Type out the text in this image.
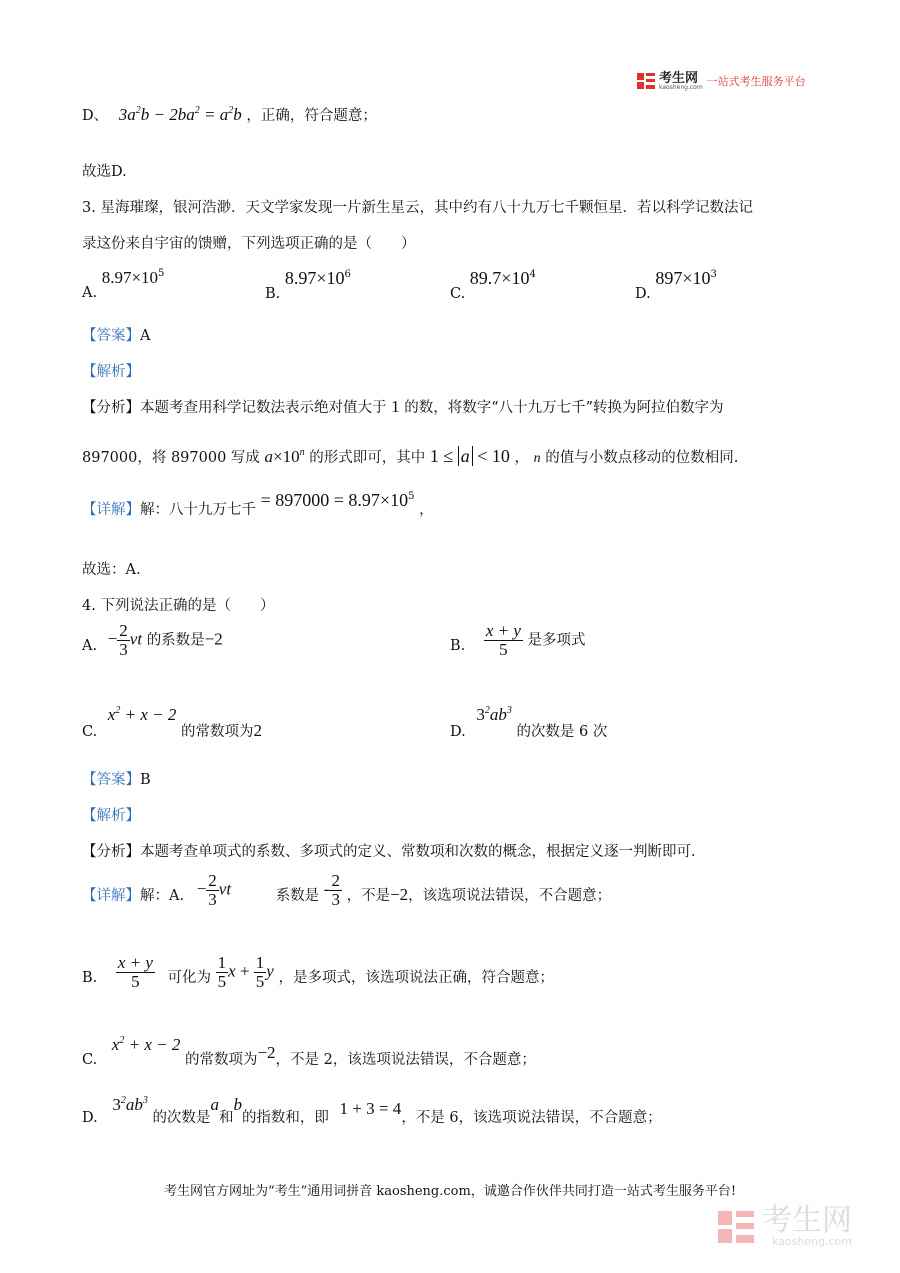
考生网
kaosheng.com 一站式考生服务平台
D、 $3a^2b - 2ba^2 = a^2b$ ，正确，符合题意；
故选D.
3. 星海璀璨，银河浩渺．天文学家发现一片新生星云，其中约有八十九万七千颗恒星．若以科学记数法记
录这份来自宇宙的馈赠，下列选项正确的是（　　）
A. $8.97\times 10^5$
B. $8.97\times 10^6$
C. $89.7\times 10^4$
D. $897\times 10^3$
【答案】A
【解析】
【分析】本题考查用科学记数法表示绝对值大于 1 的数，将数字“八十九万七千”转换为阿拉伯数字为
897000，将 897000 写成 $a\times 10^n$ 的形式即可，其中 1 ≤ a < 10 ， n 的值与小数点移动的位数相同.
【详解】解：八十九万七千 = $897000 = 8.97\times 10^5$ ，
故选：A.
4. 下列说法正确的是（　　）
A. − $\frac{2}{3}$ vt 的系数是−2	B. $\frac{x + y}{5}$ 是多项式
C. $x^2 + x - 2$ 的常数项为2	D. $3^2ab^3$ 的次数是 6 次
【答案】B
【解析】
【分析】本题考查单项式的系数、多项式的定义、常数项和次数的概念，根据定义逐一判断即可.
【详解】解：A. − $\frac{2}{3}$ vt	系数是 - $\frac{2}{3}$ ，不是−2，该选项说法错误，不合题意；
B. $\frac{x + y}{5}$ 可化为 $\frac{1}{5}$ $x + \frac{1}{5}$ y ，是多项式，该选项说法正确，符合题意；
C. $x^2 + x - 2$ 的常数项为−2，不是 2，该选项说法错误，不合题意；
D. $3^2ab^3$ 的次数是a和b的指数和，即 1 + 3 = 4，不是 6，该选项说法错误，不合题意；
考生网官方网址为“考生”通用词拼音 kaosheng.com，诚邀合作伙伴共同打造一站式考生服务平台!
考生网
kaosheng.com
